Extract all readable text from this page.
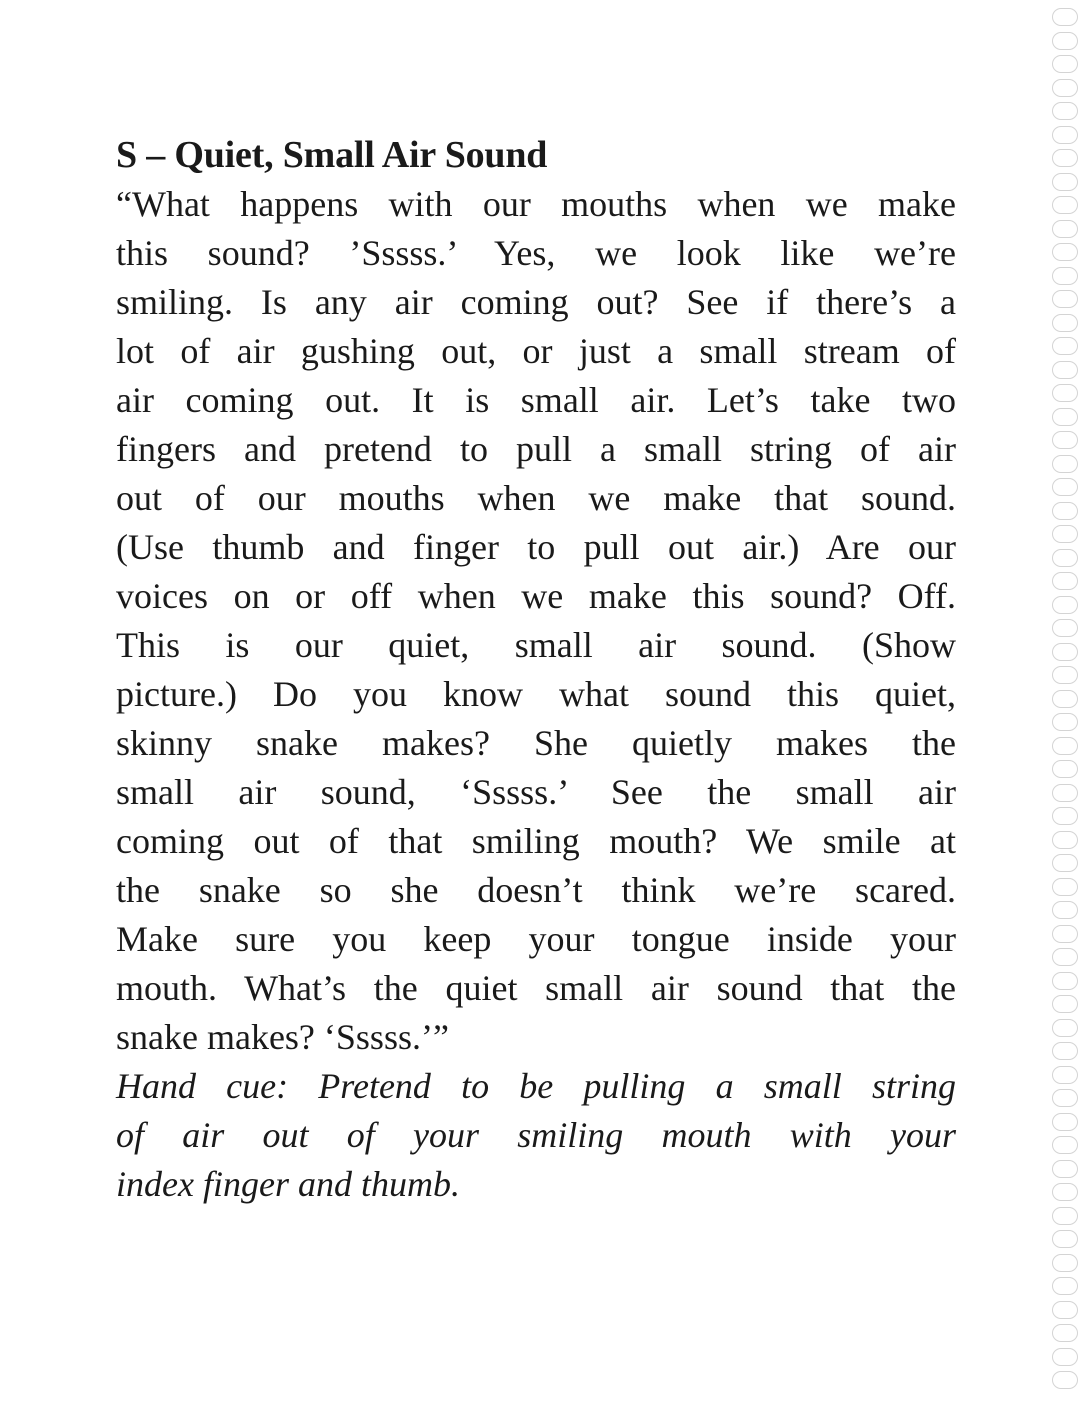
S – Quiet, Small Air Sound

“What happens with our mouths when we make

this sound? ’Sssss.’ Yes, we look like we’re

smiling. Is any air coming out? See if there’s a

lot of air gushing out, or just a small stream of

air coming out. It is small air. Let’s take two

fingers and pretend to pull a small string of air

out of our mouths when we make that sound.

(Use thumb and finger to pull out air.) Are our

voices on or off when we make this sound? Off.

This is our quiet, small air sound. (Show

picture.) Do you know what sound this quiet,

skinny snake makes? She quietly makes the

small air sound, ‘Sssss.’ See the small air

coming out of that smiling mouth? We smile at

the snake so she doesn’t think we’re scared.

Make sure you keep your tongue inside your

mouth. What’s the quiet small air sound that the

snake makes? ‘Sssss.’”

Hand cue: Pretend to be pulling a small string

of air out of your smiling mouth with your

index finger and thumb.
